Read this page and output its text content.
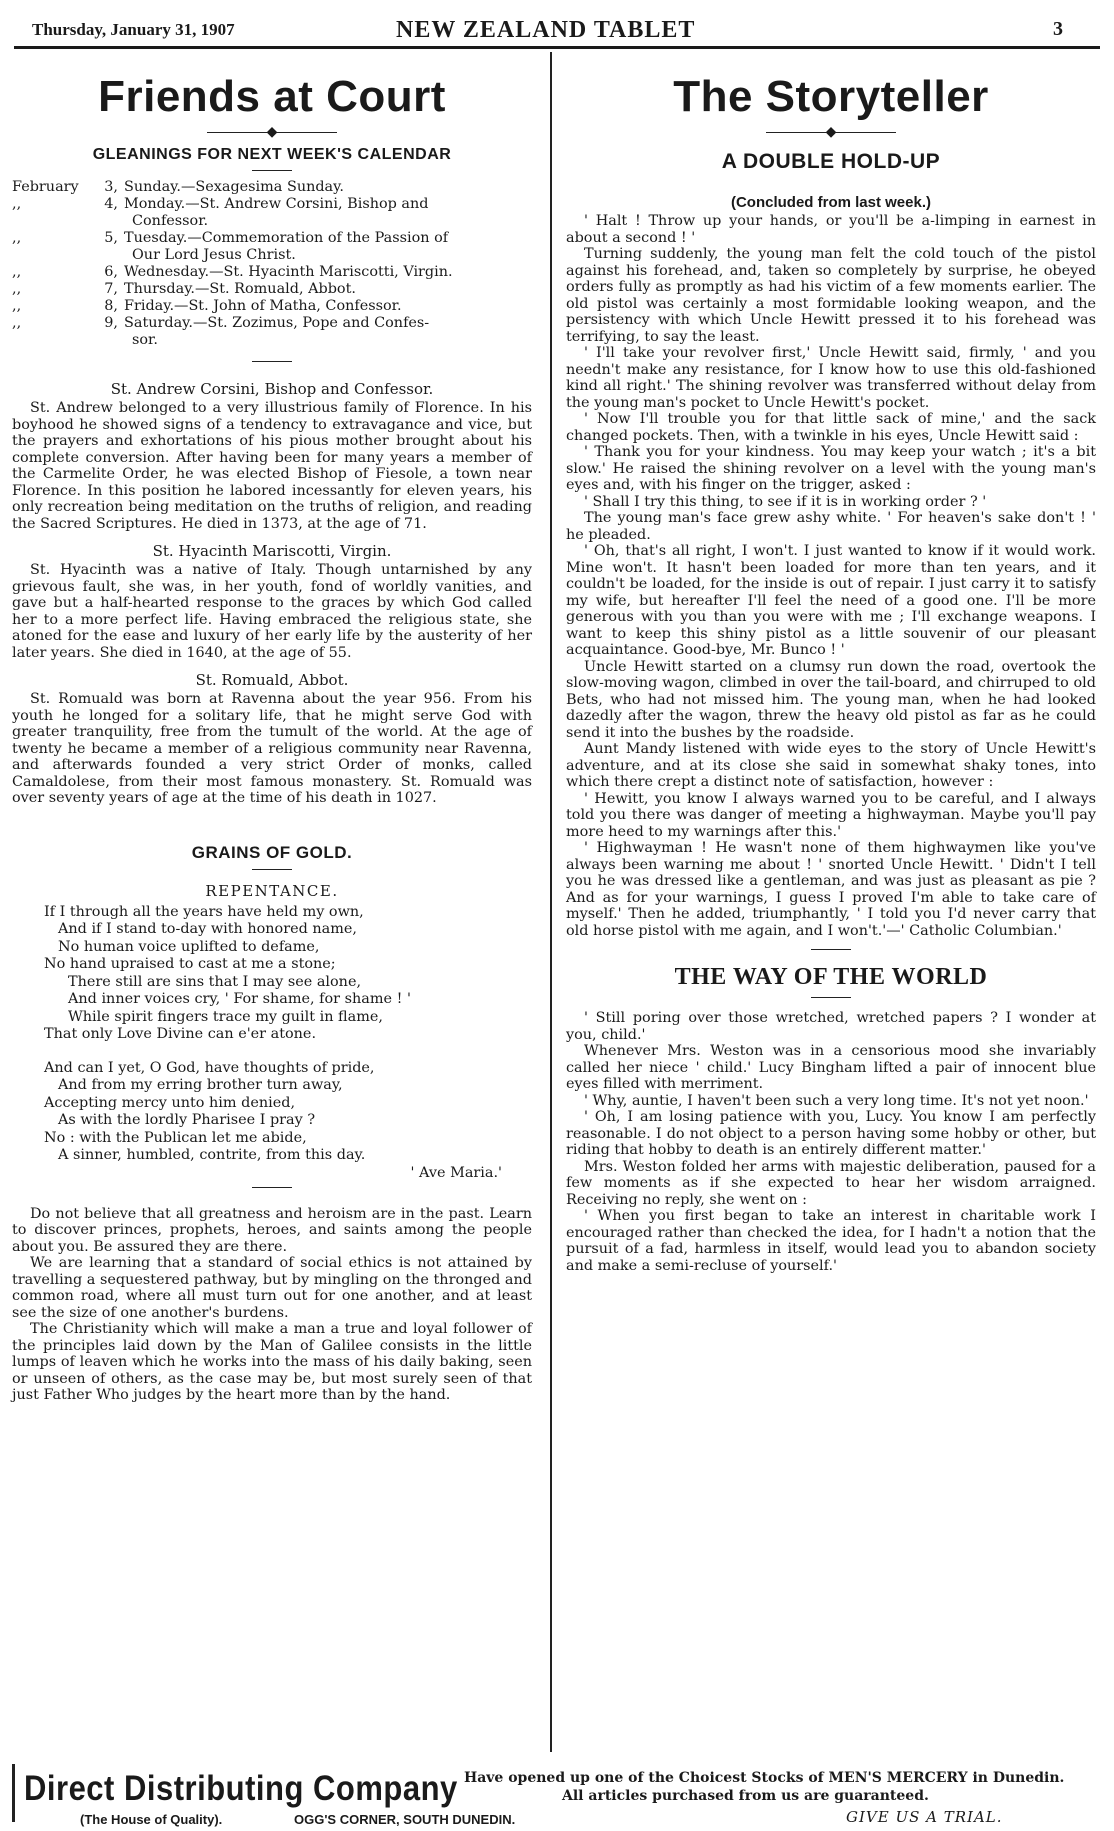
Thursday, January 31, 1907	NEW ZEALAND TABLET	3
Friends at Court
◆
GLEANINGS FOR NEXT WEEK'S CALENDAR
February	3, Sunday.—Sexagesima Sunday.
,,	4, Monday.—St. Andrew Corsini, Bishop and
Confessor.
,,	5, Tuesday.—Commemoration of the Passion of
Our Lord Jesus Christ.
,,	6, Wednesday.—St. Hyacinth Mariscotti, Virgin.
,,	7, Thursday.—St. Romuald, Abbot.
,,	8, Friday.—St. John of Matha, Confessor.
,,	9, Saturday.—St. Zozimus, Pope and Confes-
sor.
St. Andrew Corsini, Bishop and Confessor.

St. Andrew belonged to a very illustrious family of Florence. In his boyhood he showed signs of a tendency to extravagance and vice, but the prayers and exhortations of his pious mother brought about his complete conversion. After having been for many years a member of the Carmelite Order, he was elected Bishop of Fiesole, a town near Florence. In this position he labored incessantly for eleven years, his only recreation being meditation on the truths of religion, and reading the Sacred Scriptures. He died in 1373, at the age of 71.

St. Hyacinth Mariscotti, Virgin.

St. Hyacinth was a native of Italy. Though untarnished by any grievous fault, she was, in her youth, fond of worldly vanities, and gave but a half-hearted response to the graces by which God called her to a more perfect life. Having embraced the religious state, she atoned for the ease and luxury of her early life by the austerity of her later years. She died in 1640, at the age of 55.

St. Romuald, Abbot.

St. Romuald was born at Ravenna about the year 956. From his youth he longed for a solitary life, that he might serve God with greater tranquility, free from the tumult of the world. At the age of twenty he became a member of a religious community near Ravenna, and afterwards founded a very strict Order of monks, called Camaldolese, from their most famous monastery. St. Romuald was over seventy years of age at the time of his death in 1027.

GRAINS OF GOLD.
REPENTANCE.
If I through all the years have held my own,
And if I stand to-day with honored name,
No human voice uplifted to defame,
No hand upraised to cast at me a stone;
There still are sins that I may see alone,
And inner voices cry, ' For shame, for shame ! '
While spirit fingers trace my guilt in flame,
That only Love Divine can e'er atone.
And can I yet, O God, have thoughts of pride,
And from my erring brother turn away,
Accepting mercy unto him denied,
As with the lordly Pharisee I pray ?
No : with the Publican let me abide,
A sinner, humbled, contrite, from this day.
' Ave Maria.'

Do not believe that all greatness and heroism are in the past. Learn to discover princes, prophets, heroes, and saints among the people about you. Be assured they are there.

We are learning that a standard of social ethics is not attained by travelling a sequestered pathway, but by mingling on the thronged and common road, where all must turn out for one another, and at least see the size of one another's burdens.

The Christianity which will make a man a true and loyal follower of the principles laid down by the Man of Galilee consists in the little lumps of leaven which he works into the mass of his daily baking, seen or unseen of others, as the case may be, but most surely seen of that just Father Who judges by the heart more than by the hand.

The Storyteller
◆
A DOUBLE HOLD-UP
(Concluded from last week.)

' Halt ! Throw up your hands, or you'll be a-limping in earnest in about a second ! '

Turning suddenly, the young man felt the cold touch of the pistol against his forehead, and, taken so completely by surprise, he obeyed orders fully as promptly as had his victim of a few moments earlier. The old pistol was certainly a most formidable looking weapon, and the persistency with which Uncle Hewitt pressed it to his forehead was terrifying, to say the least.

' I'll take your revolver first,' Uncle Hewitt said, firmly, ' and you needn't make any resistance, for I know how to use this old-fashioned kind all right.' The shining revolver was transferred without delay from the young man's pocket to Uncle Hewitt's pocket.

' Now I'll trouble you for that little sack of mine,' and the sack changed pockets. Then, with a twinkle in his eyes, Uncle Hewitt said :

' Thank you for your kindness. You may keep your watch ; it's a bit slow.' He raised the shining revolver on a level with the young man's eyes and, with his finger on the trigger, asked :

' Shall I try this thing, to see if it is in working order ? '

The young man's face grew ashy white. ' For heaven's sake don't ! ' he pleaded.

' Oh, that's all right, I won't. I just wanted to know if it would work. Mine won't. It hasn't been loaded for more than ten years, and it couldn't be loaded, for the inside is out of repair. I just carry it to satisfy my wife, but hereafter I'll feel the need of a good one. I'll be more generous with you than you were with me ; I'll exchange weapons. I want to keep this shiny pistol as a little souvenir of our pleasant acquaintance. Good-bye, Mr. Bunco ! '

Uncle Hewitt started on a clumsy run down the road, overtook the slow-moving wagon, climbed in over the tail-board, and chirruped to old Bets, who had not missed him. The young man, when he had looked dazedly after the wagon, threw the heavy old pistol as far as he could send it into the bushes by the roadside.

Aunt Mandy listened with wide eyes to the story of Uncle Hewitt's adventure, and at its close she said in somewhat shaky tones, into which there crept a distinct note of satisfaction, however :

' Hewitt, you know I always warned you to be careful, and I always told you there was danger of meeting a highwayman. Maybe you'll pay more heed to my warnings after this.'

' Highwayman ! He wasn't none of them highwaymen like you've always been warning me about ! ' snorted Uncle Hewitt. ' Didn't I tell you he was dressed like a gentleman, and was just as pleasant as pie ? And as for your warnings, I guess I proved I'm able to take care of myself.' Then he added, triumphantly, ' I told you I'd never carry that old horse pistol with me again, and I won't.'—' Catholic Columbian.'

THE WAY OF THE WORLD

' Still poring over those wretched, wretched papers ? I wonder at you, child.'

Whenever Mrs. Weston was in a censorious mood she invariably called her niece ' child.' Lucy Bingham lifted a pair of innocent blue eyes filled with merriment.

' Why, auntie, I haven't been such a very long time. It's not yet noon.'

' Oh, I am losing patience with you, Lucy. You know I am perfectly reasonable. I do not object to a person having some hobby or other, but riding that hobby to death is an entirely different matter.'

Mrs. Weston folded her arms with majestic deliberation, paused for a few moments as if she expected to hear her wisdom arraigned. Receiving no reply, she went on :

' When you first began to take an interest in charitable work I encouraged rather than checked the idea, for I hadn't a notion that the pursuit of a fad, harmless in itself, would lead you to abandon society and make a semi-recluse of yourself.'

Direct Distributing Company
(The House of Quality).	OGG'S CORNER, SOUTH DUNEDIN.
Have opened up one of the Choicest Stocks of MEN'S MERCERY in Dunedin.
All articles purchased from us are guaranteed.
GIVE US A TRIAL.
